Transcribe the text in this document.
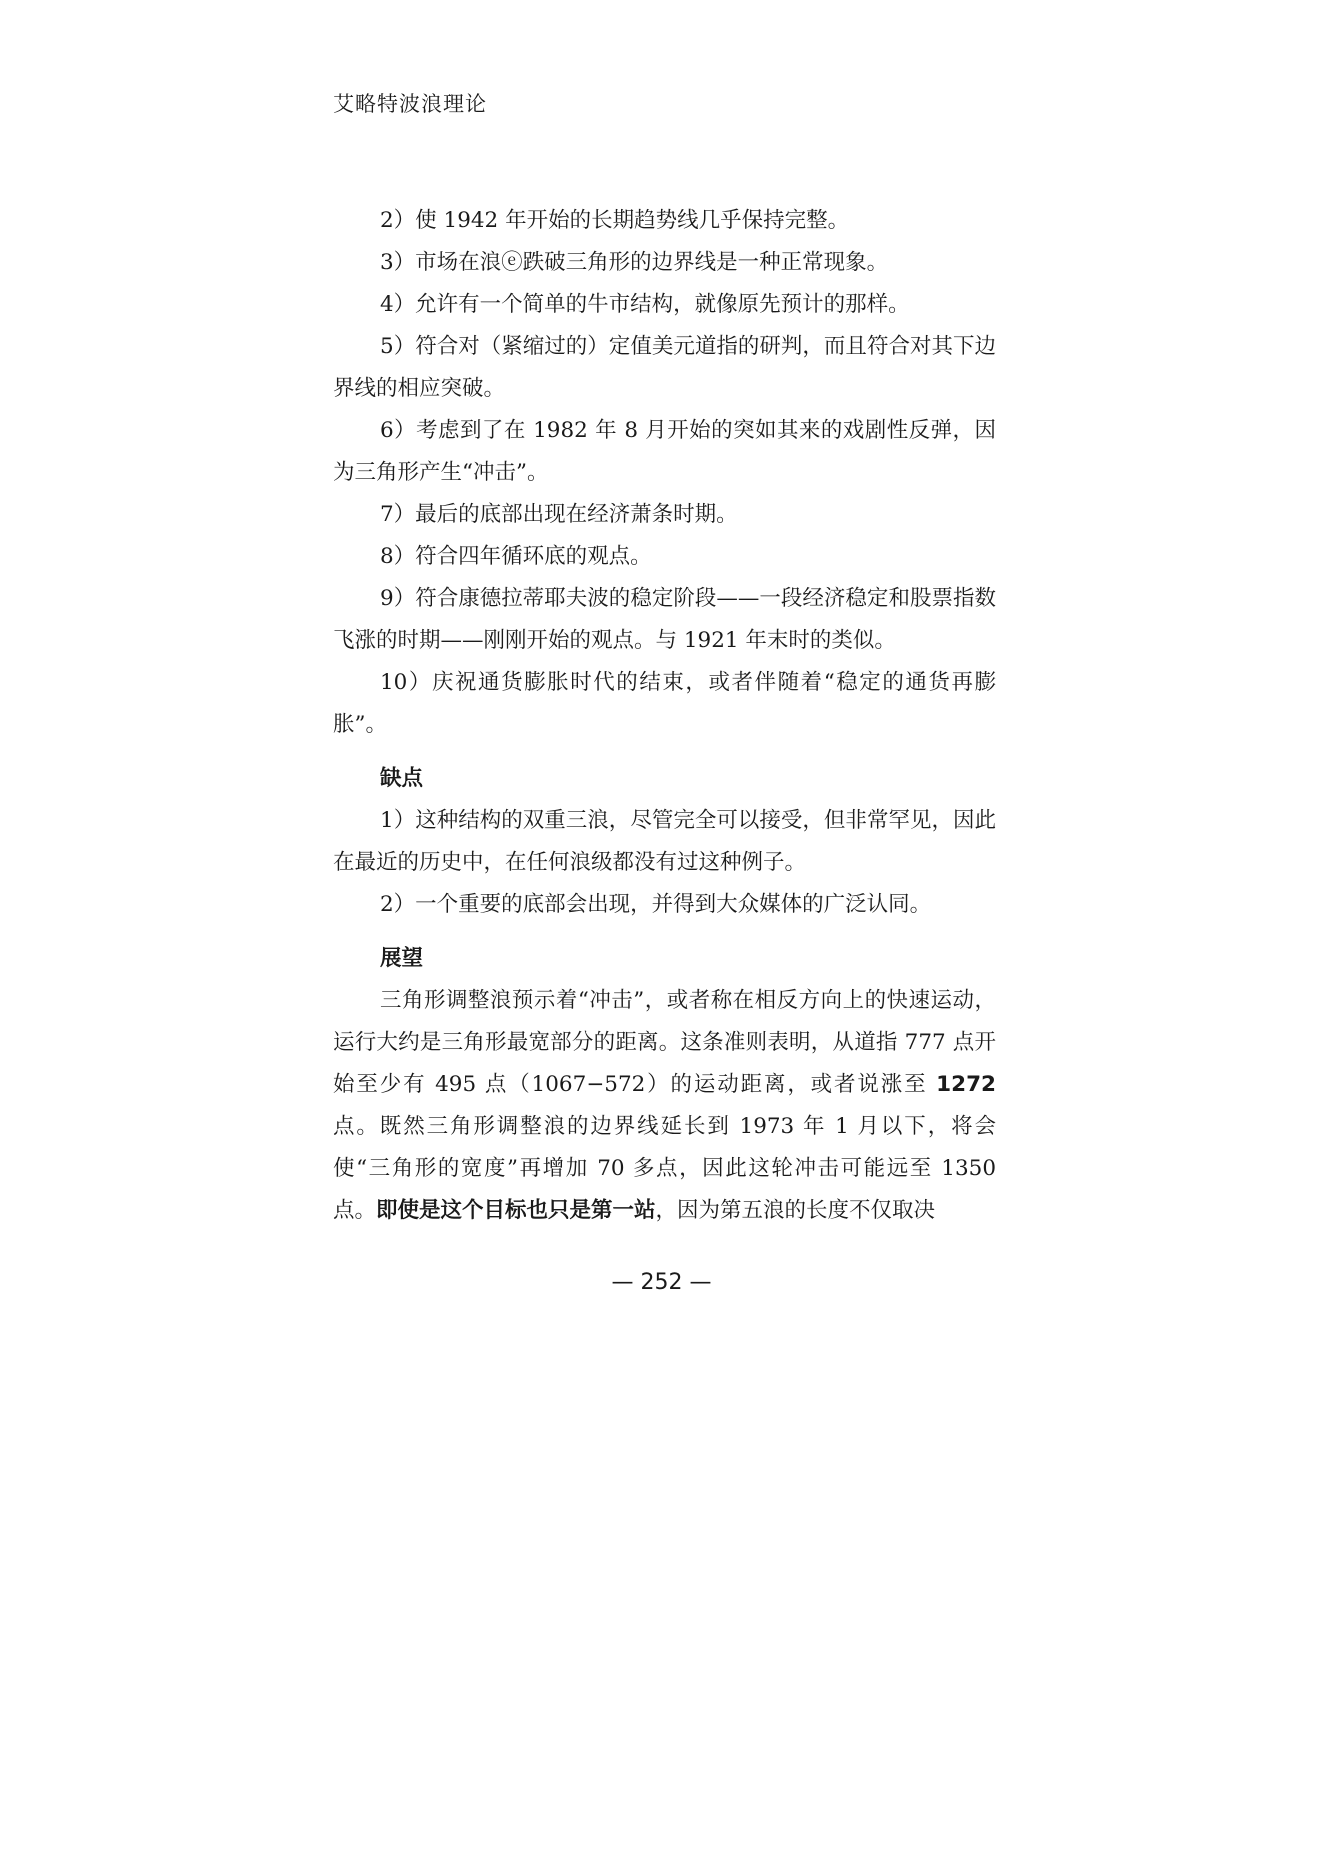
艾略特波浪理论

2）使 1942 年开始的长期趋势线几乎保持完整。

3）市场在浪ⓔ跌破三角形的边界线是一种正常现象。

4）允许有一个简单的牛市结构，就像原先预计的那样。

5）符合对（紧缩过的）定值美元道指的研判，而且符合对其下边界线的相应突破。

6）考虑到了在 1982 年 8 月开始的突如其来的戏剧性反弹，因为三角形产生“冲击”。

7）最后的底部出现在经济萧条时期。

8）符合四年循环底的观点。

9）符合康德拉蒂耶夫波的稳定阶段——一段经济稳定和股票指数飞涨的时期——刚刚开始的观点。与 1921 年末时的类似。

10）庆祝通货膨胀时代的结束，或者伴随着“稳定的通货再膨胀”。

缺点

1）这种结构的双重三浪，尽管完全可以接受，但非常罕见，因此在最近的历史中，在任何浪级都没有过这种例子。

2）一个重要的底部会出现，并得到大众媒体的广泛认同。

展望

三角形调整浪预示着“冲击”，或者称在相反方向上的快速运动，运行大约是三角形最宽部分的距离。这条准则表明，从道指 777 点开始至少有 495 点（1067−572）的运动距离，或者说涨至 1272 点。既然三角形调整浪的边界线延长到 1973 年 1 月以下，将会使“三角形的宽度”再增加 70 多点，因此这轮冲击可能远至 1350 点。即使是这个目标也只是第一站，因为第五浪的长度不仅取决

— 252 —
